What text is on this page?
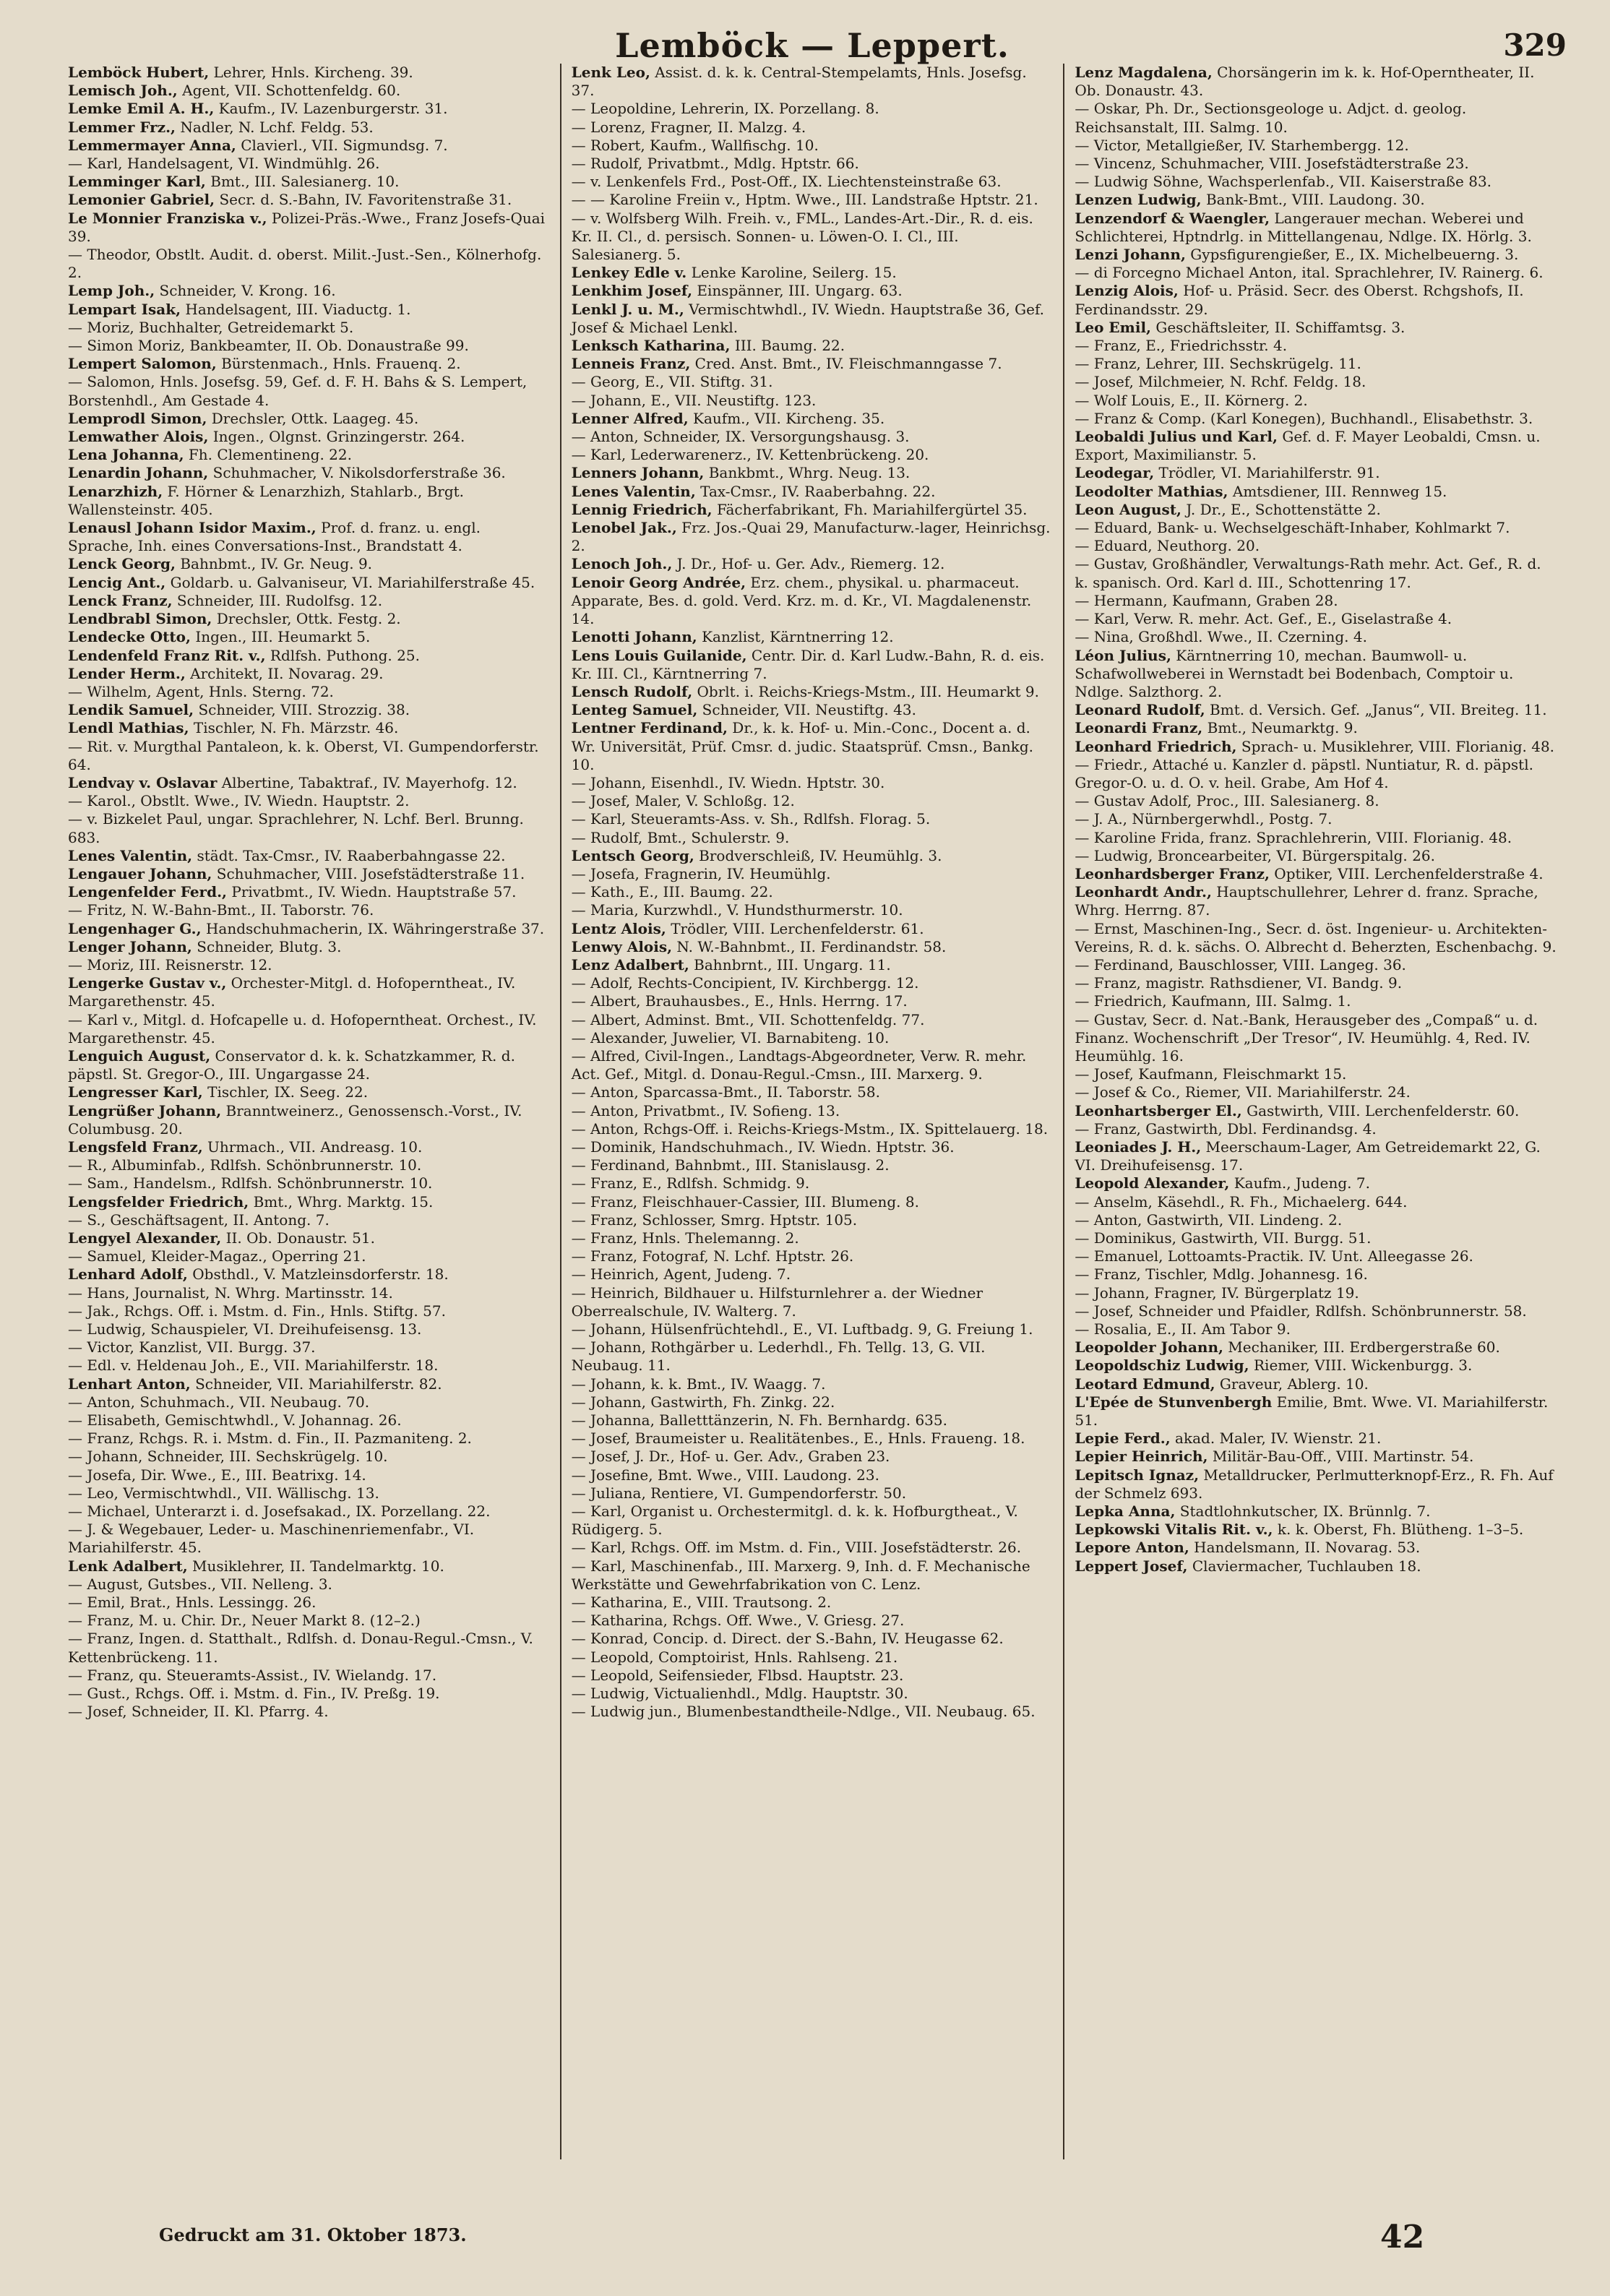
Lemböck — Leppert.	329

Lemböck Hubert, Lehrer, Hnls. Kircheng. 39.

Lemisch Joh., Agent, VII. Schottenfeldg. 60.

Lemke Emil A. H., Kaufm., IV. Lazenburgerstr. 31.

Lemmer Frz., Nadler, N. Lchf. Feldg. 53.

Lemmermayer Anna, Clavierl., VII. Sigmundsg. 7.

— Karl, Handelsagent, VI. Windmühlg. 26.

Lemminger Karl, Bmt., III. Salesianerg. 10.

Lemonier Gabriel, Secr. d. S.-Bahn, IV. Favoritenstraße 31.

Le Monnier Franziska v., Polizei-Präs.-Wwe., Franz Josefs-Quai 39.

— Theodor, Obstlt. Audit. d. oberst. Milit.-Just.-Sen., Kölnerhofg. 2.

Lemp Joh., Schneider, V. Krong. 16.

Lempart Isak, Handelsagent, III. Viaductg. 1.

— Moriz, Buchhalter, Getreidemarkt 5.

— Simon Moriz, Bankbeamter, II. Ob. Donaustraße 99.

Lempert Salomon, Bürstenmach., Hnls. Frauenq. 2.

— Salomon, Hnls. Josefsg. 59, Gef. d. F. H. Bahs & S. Lempert, Borstenhdl., Am Gestade 4.

Lemprodl Simon, Drechsler, Ottk. Laageg. 45.

Lemwather Alois, Ingen., Olgnst. Grinzingerstr. 264.

Lena Johanna, Fh. Clementineng. 22.

Lenardin Johann, Schuhmacher, V. Nikolsdorferstraße 36.

Lenarzhizh, F. Hörner & Lenarzhizh, Stahlarb., Brgt. Wallensteinstr. 405.

Lenausl Johann Isidor Maxim., Prof. d. franz. u. engl. Sprache, Inh. eines Conversations-Inst., Brandstatt 4.

Lenck Georg, Bahnbmt., IV. Gr. Neug. 9.

Lencig Ant., Goldarb. u. Galvaniseur, VI. Mariahilferstraße 45.

Lenck Franz, Schneider, III. Rudolfsg. 12.

Lendbrabl Simon, Drechsler, Ottk. Festg. 2.

Lendecke Otto, Ingen., III. Heumarkt 5.

Lendenfeld Franz Rit. v., Rdlfsh. Puthong. 25.

Lender Herm., Architekt, II. Novarag. 29.

— Wilhelm, Agent, Hnls. Sterng. 72.

Lendik Samuel, Schneider, VIII. Strozzig. 38.

Lendl Mathias, Tischler, N. Fh. Märzstr. 46.

— Rit. v. Murgthal Pantaleon, k. k. Oberst, VI. Gumpendorferstr. 64.

Lendvay v. Oslavar Albertine, Tabaktraf., IV. Mayerhofg. 12.

— Karol., Obstlt. Wwe., IV. Wiedn. Hauptstr. 2.

— v. Bizkelet Paul, ungar. Sprachlehrer, N. Lchf. Berl. Brunng. 683.

Lenes Valentin, städt. Tax-Cmsr., IV. Raaberbahngasse 22.

Lengauer Johann, Schuhmacher, VIII. Josefstädterstraße 11.

Lengenfelder Ferd., Privatbmt., IV. Wiedn. Hauptstraße 57.

— Fritz, N. W.-Bahn-Bmt., II. Taborstr. 76.

Lengenhager G., Handschuhmacherin, IX. Währingerstraße 37.

Lenger Johann, Schneider, Blutg. 3.

— Moriz, III. Reisnerstr. 12.

Lengerke Gustav v., Orchester-Mitgl. d. Hofoperntheat., IV. Margarethenstr. 45.

— Karl v., Mitgl. d. Hofcapelle u. d. Hofoperntheat. Orchest., IV. Margarethenstr. 45.

Lenguich August, Conservator d. k. k. Schatzkammer, R. d. päpstl. St. Gregor-O., III. Ungargasse 24.

Lengresser Karl, Tischler, IX. Seeg. 22.

Lengrüßer Johann, Branntweinerz., Genossensch.-Vorst., IV. Columbusg. 20.

Lengsfeld Franz, Uhrmach., VII. Andreasg. 10.

— R., Albuminfab., Rdlfsh. Schönbrunnerstr. 10.

— Sam., Handelsm., Rdlfsh. Schönbrunnerstr. 10.

Lengsfelder Friedrich, Bmt., Whrg. Marktg. 15.

— S., Geschäftsagent, II. Antong. 7.

Lengyel Alexander, II. Ob. Donaustr. 51.

— Samuel, Kleider-Magaz., Operring 21.

Lenhard Adolf, Obsthdl., V. Matzleinsdorferstr. 18.

— Hans, Journalist, N. Whrg. Martinsstr. 14.

— Jak., Rchgs. Off. i. Mstm. d. Fin., Hnls. Stiftg. 57.

— Ludwig, Schauspieler, VI. Dreihufeisensg. 13.

— Victor, Kanzlist, VII. Burgg. 37.

— Edl. v. Heldenau Joh., E., VII. Mariahilferstr. 18.

Lenhart Anton, Schneider, VII. Mariahilferstr. 82.

— Anton, Schuhmach., VII. Neubaug. 70.

— Elisabeth, Gemischtwhdl., V. Johannag. 26.

— Franz, Rchgs. R. i. Mstm. d. Fin., II. Pazmaniteng. 2.

— Johann, Schneider, III. Sechskrügelg. 10.

— Josefa, Dir. Wwe., E., III. Beatrixg. 14.

— Leo, Vermischtwhdl., VII. Wällischg. 13.

— Michael, Unterarzt i. d. Josefsakad., IX. Porzellang. 22.

— J. & Wegebauer, Leder- u. Maschinenriemenfabr., VI. Mariahilferstr. 45.

Lenk Adalbert, Musiklehrer, II. Tandelmarktg. 10.

— August, Gutsbes., VII. Nelleng. 3.

— Emil, Brat., Hnls. Lessingg. 26.

— Franz, M. u. Chir. Dr., Neuer Markt 8. (12–2.)

— Franz, Ingen. d. Statthalt., Rdlfsh. d. Donau-Regul.-Cmsn., V. Kettenbrückeng. 11.

— Franz, qu. Steueramts-Assist., IV. Wielandg. 17.

— Gust., Rchgs. Off. i. Mstm. d. Fin., IV. Preßg. 19.

— Josef, Schneider, II. Kl. Pfarrg. 4.

Lenk Leo, Assist. d. k. k. Central-Stempelamts, Hnls. Josefsg. 37.

— Leopoldine, Lehrerin, IX. Porzellang. 8.

— Lorenz, Fragner, II. Malzg. 4.

— Robert, Kaufm., Wallfischg. 10.

— Rudolf, Privatbmt., Mdlg. Hptstr. 66.

— v. Lenkenfels Frd., Post-Off., IX. Liechtensteinstraße 63.

— — Karoline Freiin v., Hptm. Wwe., III. Landstraße Hptstr. 21.

— v. Wolfsberg Wilh. Freih. v., FML., Landes-Art.-Dir., R. d. eis. Kr. II. Cl., d. persisch. Sonnen- u. Löwen-O. I. Cl., III. Salesianerg. 5.

Lenkey Edle v. Lenke Karoline, Seilerg. 15.

Lenkhim Josef, Einspänner, III. Ungarg. 63.

Lenkl J. u. M., Vermischtwhdl., IV. Wiedn. Hauptstraße 36, Gef. Josef & Michael Lenkl.

Lenksch Katharina, III. Baumg. 22.

Lenneis Franz, Cred. Anst. Bmt., IV. Fleischmanngasse 7.

— Georg, E., VII. Stiftg. 31.

— Johann, E., VII. Neustiftg. 123.

Lenner Alfred, Kaufm., VII. Kircheng. 35.

— Anton, Schneider, IX. Versorgungshausg. 3.

— Karl, Lederwarenerz., IV. Kettenbrückeng. 20.

Lenners Johann, Bankbmt., Whrg. Neug. 13.

Lenes Valentin, Tax-Cmsr., IV. Raaberbahng. 22.

Lennig Friedrich, Fächerfabrikant, Fh. Mariahilfergürtel 35.

Lenobel Jak., Frz. Jos.-Quai 29, Manufacturw.-lager, Heinrichsg. 2.

Lenoch Joh., J. Dr., Hof- u. Ger. Adv., Riemerg. 12.

Lenoir Georg Andrée, Erz. chem., physikal. u. pharmaceut. Apparate, Bes. d. gold. Verd. Krz. m. d. Kr., VI. Magdalenenstr. 14.

Lenotti Johann, Kanzlist, Kärntnerring 12.

Lens Louis Guilanide, Centr. Dir. d. Karl Ludw.-Bahn, R. d. eis. Kr. III. Cl., Kärntnerring 7.

Lensch Rudolf, Obrlt. i. Reichs-Kriegs-Mstm., III. Heumarkt 9.

Lenteg Samuel, Schneider, VII. Neustiftg. 43.

Lentner Ferdinand, Dr., k. k. Hof- u. Min.-Conc., Docent a. d. Wr. Universität, Prüf. Cmsr. d. judic. Staatsprüf. Cmsn., Bankg. 10.

— Johann, Eisenhdl., IV. Wiedn. Hptstr. 30.

— Josef, Maler, V. Schloßg. 12.

— Karl, Steueramts-Ass. v. Sh., Rdlfsh. Florag. 5.

— Rudolf, Bmt., Schulerstr. 9.

Lentsch Georg, Brodverschleiß, IV. Heumühlg. 3.

— Josefa, Fragnerin, IV. Heumühlg.

— Kath., E., III. Baumg. 22.

— Maria, Kurzwhdl., V. Hundsthurmerstr. 10.

Lentz Alois, Trödler, VIII. Lerchenfelderstr. 61.

Lenwy Alois, N. W.-Bahnbmt., II. Ferdinandstr. 58.

Lenz Adalbert, Bahnbrnt., III. Ungarg. 11.

— Adolf, Rechts-Concipient, IV. Kirchbergg. 12.

— Albert, Brauhausbes., E., Hnls. Herrng. 17.

— Albert, Adminst. Bmt., VII. Schottenfeldg. 77.

— Alexander, Juwelier, VI. Barnabiteng. 10.

— Alfred, Civil-Ingen., Landtags-Abgeordneter, Verw. R. mehr. Act. Gef., Mitgl. d. Donau-Regul.-Cmsn., III. Marxerg. 9.

— Anton, Sparcassa-Bmt., II. Taborstr. 58.

— Anton, Privatbmt., IV. Sofieng. 13.

— Anton, Rchgs-Off. i. Reichs-Kriegs-Mstm., IX. Spittelauerg. 18.

— Dominik, Handschuhmach., IV. Wiedn. Hptstr. 36.

— Ferdinand, Bahnbmt., III. Stanislausg. 2.

— Franz, E., Rdlfsh. Schmidg. 9.

— Franz, Fleischhauer-Cassier, III. Blumeng. 8.

— Franz, Schlosser, Smrg. Hptstr. 105.

— Franz, Hnls. Thelemanng. 2.

— Franz, Fotograf, N. Lchf. Hptstr. 26.

— Heinrich, Agent, Judeng. 7.

— Heinrich, Bildhauer u. Hilfsturnlehrer a. der Wiedner Oberrealschule, IV. Walterg. 7.

— Johann, Hülsenfrüchtehdl., E., VI. Luftbadg. 9, G. Freiung 1.

— Johann, Rothgärber u. Lederhdl., Fh. Tellg. 13, G. VII. Neubaug. 11.

— Johann, k. k. Bmt., IV. Waagg. 7.

— Johann, Gastwirth, Fh. Zinkg. 22.

— Johanna, Balletttänzerin, N. Fh. Bernhardg. 635.

— Josef, Braumeister u. Realitätenbes., E., Hnls. Fraueng. 18.

— Josef, J. Dr., Hof- u. Ger. Adv., Graben 23.

— Josefine, Bmt. Wwe., VIII. Laudong. 23.

— Juliana, Rentiere, VI. Gumpendorferstr. 50.

— Karl, Organist u. Orchestermitgl. d. k. k. Hofburgtheat., V. Rüdigerg. 5.

— Karl, Rchgs. Off. im Mstm. d. Fin., VIII. Josefstädterstr. 26.

— Karl, Maschinenfab., III. Marxerg. 9, Inh. d. F. Mechanische Werkstätte und Gewehrfabrikation von C. Lenz.

— Katharina, E., VIII. Trautsong. 2.

— Katharina, Rchgs. Off. Wwe., V. Griesg. 27.

— Konrad, Concip. d. Direct. der S.-Bahn, IV. Heugasse 62.

— Leopold, Comptoirist, Hnls. Rahlseng. 21.

— Leopold, Seifensieder, Flbsd. Hauptstr. 23.

— Ludwig, Victualienhdl., Mdlg. Hauptstr. 30.

— Ludwig jun., Blumenbestandtheile-Ndlge., VII. Neubaug. 65.

Lenz Magdalena, Chorsängerin im k. k. Hof-Operntheater, II. Ob. Donaustr. 43.

— Oskar, Ph. Dr., Sectionsgeologe u. Adjct. d. geolog. Reichsanstalt, III. Salmg. 10.

— Victor, Metallgießer, IV. Starhembergg. 12.

— Vincenz, Schuhmacher, VIII. Josefstädterstraße 23.

— Ludwig Söhne, Wachsperlenfab., VII. Kaiserstraße 83.

Lenzen Ludwig, Bank-Bmt., VIII. Laudong. 30.

Lenzendorf & Waengler, Langerauer mechan. Weberei und Schlichterei, Hptndrlg. in Mittellangenau, Ndlge. IX. Hörlg. 3.

Lenzi Johann, Gypsfigurengießer, E., IX. Michelbeuerng. 3.

— di Forcegno Michael Anton, ital. Sprachlehrer, IV. Rainerg. 6.

Lenzig Alois, Hof- u. Präsid. Secr. des Oberst. Rchgshofs, II. Ferdinandsstr. 29.

Leo Emil, Geschäftsleiter, II. Schiffamtsg. 3.

— Franz, E., Friedrichsstr. 4.

— Franz, Lehrer, III. Sechskrügelg. 11.

— Josef, Milchmeier, N. Rchf. Feldg. 18.

— Wolf Louis, E., II. Körnerg. 2.

— Franz & Comp. (Karl Konegen), Buchhandl., Elisabethstr. 3.

Leobaldi Julius und Karl, Gef. d. F. Mayer Leobaldi, Cmsn. u. Export, Maximilianstr. 5.

Leodegar, Trödler, VI. Mariahilferstr. 91.

Leodolter Mathias, Amtsdiener, III. Rennweg 15.

Leon August, J. Dr., E., Schottenstätte 2.

— Eduard, Bank- u. Wechselgeschäft-Inhaber, Kohlmarkt 7.

— Eduard, Neuthorg. 20.

— Gustav, Großhändler, Verwaltungs-Rath mehr. Act. Gef., R. d. k. spanisch. Ord. Karl d. III., Schottenring 17.

— Hermann, Kaufmann, Graben 28.

— Karl, Verw. R. mehr. Act. Gef., E., Giselastraße 4.

— Nina, Großhdl. Wwe., II. Czerning. 4.

Léon Julius, Kärntnerring 10, mechan. Baumwoll- u. Schafwollweberei in Wernstadt bei Bodenbach, Comptoir u. Ndlge. Salzthorg. 2.

Leonard Rudolf, Bmt. d. Versich. Gef. „Janus“, VII. Breiteg. 11.

Leonardi Franz, Bmt., Neumarktg. 9.

Leonhard Friedrich, Sprach- u. Musiklehrer, VIII. Florianig. 48.

— Friedr., Attaché u. Kanzler d. päpstl. Nuntiatur, R. d. päpstl. Gregor-O. u. d. O. v. heil. Grabe, Am Hof 4.

— Gustav Adolf, Proc., III. Salesianerg. 8.

— J. A., Nürnbergerwhdl., Postg. 7.

— Karoline Frida, franz. Sprachlehrerin, VIII. Florianig. 48.

— Ludwig, Broncearbeiter, VI. Bürgerspitalg. 26.

Leonhardsberger Franz, Optiker, VIII. Lerchenfelderstraße 4.

Leonhardt Andr., Hauptschullehrer, Lehrer d. franz. Sprache, Whrg. Herrng. 87.

— Ernst, Maschinen-Ing., Secr. d. öst. Ingenieur- u. Architekten-Vereins, R. d. k. sächs. O. Albrecht d. Beherzten, Eschenbachg. 9.

— Ferdinand, Bauschlosser, VIII. Langeg. 36.

— Franz, magistr. Rathsdiener, VI. Bandg. 9.

— Friedrich, Kaufmann, III. Salmg. 1.

— Gustav, Secr. d. Nat.-Bank, Herausgeber des „Compaß“ u. d. Finanz. Wochenschrift „Der Tresor“, IV. Heumühlg. 4, Red. IV. Heumühlg. 16.

— Josef, Kaufmann, Fleischmarkt 15.

— Josef & Co., Riemer, VII. Mariahilferstr. 24.

Leonhartsberger El., Gastwirth, VIII. Lerchenfelderstr. 60.

— Franz, Gastwirth, Dbl. Ferdinandsg. 4.

Leoniades J. H., Meerschaum-Lager, Am Getreidemarkt 22, G. VI. Dreihufeisensg. 17.

Leopold Alexander, Kaufm., Judeng. 7.

— Anselm, Käsehdl., R. Fh., Michaelerg. 644.

— Anton, Gastwirth, VII. Lindeng. 2.

— Dominikus, Gastwirth, VII. Burgg. 51.

— Emanuel, Lottoamts-Practik. IV. Unt. Alleegasse 26.

— Franz, Tischler, Mdlg. Johannesg. 16.

— Johann, Fragner, IV. Bürgerplatz 19.

— Josef, Schneider und Pfaidler, Rdlfsh. Schönbrunnerstr. 58.

— Rosalia, E., II. Am Tabor 9.

Leopolder Johann, Mechaniker, III. Erdbergerstraße 60.

Leopoldschiz Ludwig, Riemer, VIII. Wickenburgg. 3.

Leotard Edmund, Graveur, Ablerg. 10.

L'Epée de Stunvenbergh Emilie, Bmt. Wwe. VI. Mariahilferstr. 51.

Lepie Ferd., akad. Maler, IV. Wienstr. 21.

Lepier Heinrich, Militär-Bau-Off., VIII. Martinstr. 54.

Lepitsch Ignaz, Metalldrucker, Perlmutterknopf-Erz., R. Fh. Auf der Schmelz 693.

Lepka Anna, Stadtlohnkutscher, IX. Brünnlg. 7.

Lepkowski Vitalis Rit. v., k. k. Oberst, Fh. Blütheng. 1–3–5.

Lepore Anton, Handelsmann, II. Novarag. 53.

Leppert Josef, Claviermacher, Tuchlauben 18.

Gedruckt am 31. Oktober 1873.	42
